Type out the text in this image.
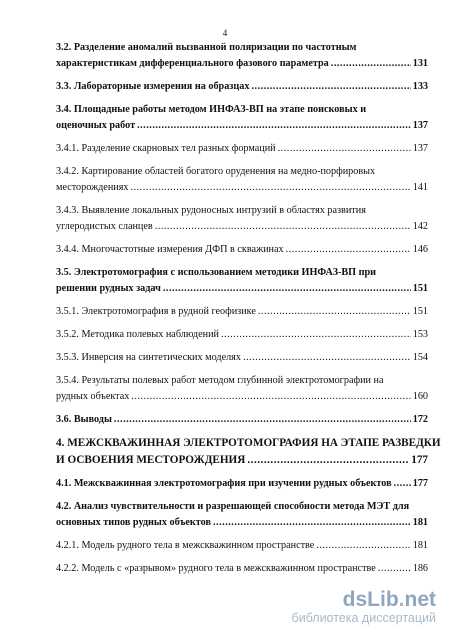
4
3.2. Разделение аномалий вызванной поляризации по частотным
характеристикам дифференциального фазового параметра .....	131
3.3. Лабораторные измерения на образцах .....	133
3.4. Площадные работы методом ИНФАЗ-ВП на этапе поисковых и
оценочных работ .....	137
3.4.1. Разделение скарновых тел разных формаций .....	137
3.4.2. Картирование областей богатого оруденения на медно-порфировых
месторождениях .....	141
3.4.3. Выявление локальных рудоносных интрузий в областях развития
углеродистых сланцев .....	142
3.4.4. Многочастотные измерения ДФП в скважинах .....	146
3.5. Электротомография с использованием методики ИНФАЗ-ВП при
решении рудных задач .....	151
3.5.1. Электротомография в рудной геофизике .....	151
3.5.2. Методика полевых наблюдений .....	153
3.5.3. Инверсия на синтетических моделях .....	154
3.5.4. Результаты полевых работ методом глубинной электротомографии на
рудных объектах .....	160
3.6. Выводы .....	172
4. МЕЖСКВАЖИННАЯ ЭЛЕКТРОТОМОГРАФИЯ НА ЭТАПЕ РАЗВЕДКИ
И ОСВОЕНИЯ МЕСТОРОЖДЕНИЯ .....	177
4.1. Межскважинная электротомография при изучении рудных объектов ..... 177
4.2. Анализ чувствительности и разрешающей способности метода МЭТ для
основных типов рудных объектов .....	181
4.2.1. Модель рудного тела в межскважинном пространстве .....	181
4.2.2. Модель с «разрывом» рудного тела в межскважинном пространстве .....	186
dsLib.net
библиотека диссертаций
